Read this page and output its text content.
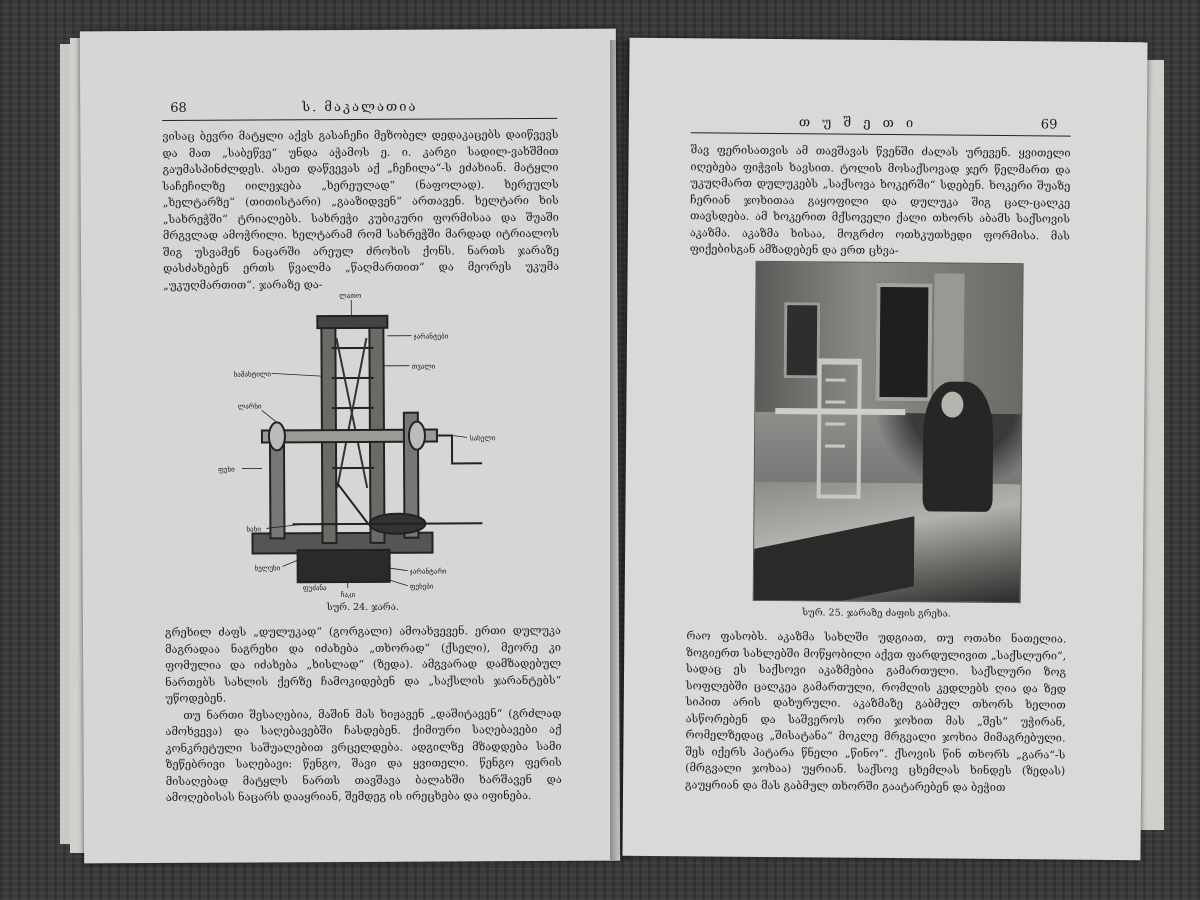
68	ს. მაკალათია

ვისაც ბევრი მატყლი აქვს გასაჩეჩი მეზობელ დედაკაცებს დაიწვევს და მათ „საბეწვე“ უნდა აჭამოს ე. ი. კარგი სადილ-ვახშმით გაუმასპინძლდეს. ასეთ დაწვევას აქ „ჩეჩილა“-ს ეძახიან. მატყლი საჩეჩილზე იილეჯება „ხერეულად“ (ნაფოლად). ხერეულს „ხელტარზე“ (თითისტარი) „გააზიდვენ“ ართავენ. ხელტარი ხის „სახრეჭში“ ტრიალებს. სახრეჭი კუბიკური ფორმისაა და შუაში მრგვლად ამოჭრილი. ხელტარამ რომ სახრეჭში მარდად იტრიალოს შიგ უსვამენ ნაცარში არეულ ძროხის ქონს. ნართს ჯარაზე დასძახებენ ერთს წვალმა „წაღმართით“ და მეორეს უკუმა „უკუღმართით“. ჯარაზე და-

ლათო
ჯარანტები
თვალი
ხამახტილი
ლარხი
სახელი
ფეხი
ხახი
ხელუხი	ჯარანტარი
ფეხები
ფუძანა
ჩაკი
სურ. 24. ჯარა.

გრეხილ ძაფს „დულუკად“ (გორგალი) ამოახვევენ. ერთი დულუკა მაგრადაა ნაგრეხი და იძახება „თხორად“ (ქსელი), მეორე კი ფომულია და იძახება „ხისლად“ (ზედა). ამგვარად დამზადებულ ნართებს სახლის ქერზე ჩამოკიდებენ და „საქსლის ჯარანტებს“ უწოდებენ.

თუ ნართი შესაღებია, მაშინ მას ხიჟავენ „დაშიტავენ“ (გრძლად ამოხვევა) და საღებავებში ჩასდებენ. ქიმიური საღებავები აქ კონკრეტული საშუალებით ვრცელდება. ადგილზე მზადდება სამი ზეწებრივი საღებავი: წენგო, შავი და ყვითელი. წენგო ფერის მისაღებად მატყლს ნართს თავშავა ბალახში ხარშავენ და ამოღებისას ნაცარს დააყრიან, შემდეგ ის ირეცხება და იფინება.

თ უ შ ე თ ი	69

შავ ფერისათვის ამ თავშავას წვენში ძალას ურევენ. ყვითელი იღებება ფიჭვის ხავსით. ტოლის მოსაქსოვად ჯერ წელმართ და უკუღმართ დულუკებს „საქსოვა ხოკერში“ სდებენ. ხოკერი შუაზე ჩერიან ჯოხითაა გაყოფილი და დულუკა შიგ ცალ-ცალკე თავსდება. ამ ხოკერით მქსოველი ქალი თხორს აბამს საქსოვის აკაზმა. აკაზმა ხისაა, მოგრძო ოთხკუთხედი ფორმისა. მას ფიქებისგან ამზადებენ და ერთ ცხვა-

სურ. 25. ჯარაზე ძაფის გრეხა.

რაო ფასობს. აკაზმა სახლში უდგიათ, თუ ოთახი ნათელია. ზოგიერთ სახლებში მოწყობილი აქვთ ფარდულივით „საქსლური“, სადაც ეს საქსოვი აკაზმებია გამართული. საქსლური ზოგ სოფლებში ცალკეა გამართული, რომლის კედლებს ღია და ზედ სიპით არის დახურული. აკაზმაზე გაბმულ თხორს ხელით ასწორებენ და საშვეროს ორი ჯოხით მას „შეს“ უჭირან, რომელზედაც „შისატანა“ მოკლე მრგვალი ჯოხია მიმაგრებული. შეს იქერს პატარა წნელი „წინო“. ქსოვის წინ თხორს „გარა“-ს (მრგვალი ჯოხაა) უყრიან. საქსოვ ცხემლას ხინდეს (ზედას) გაუყრიან და მას გაბმულ თხორში გაატარებენ და ბეჭით
